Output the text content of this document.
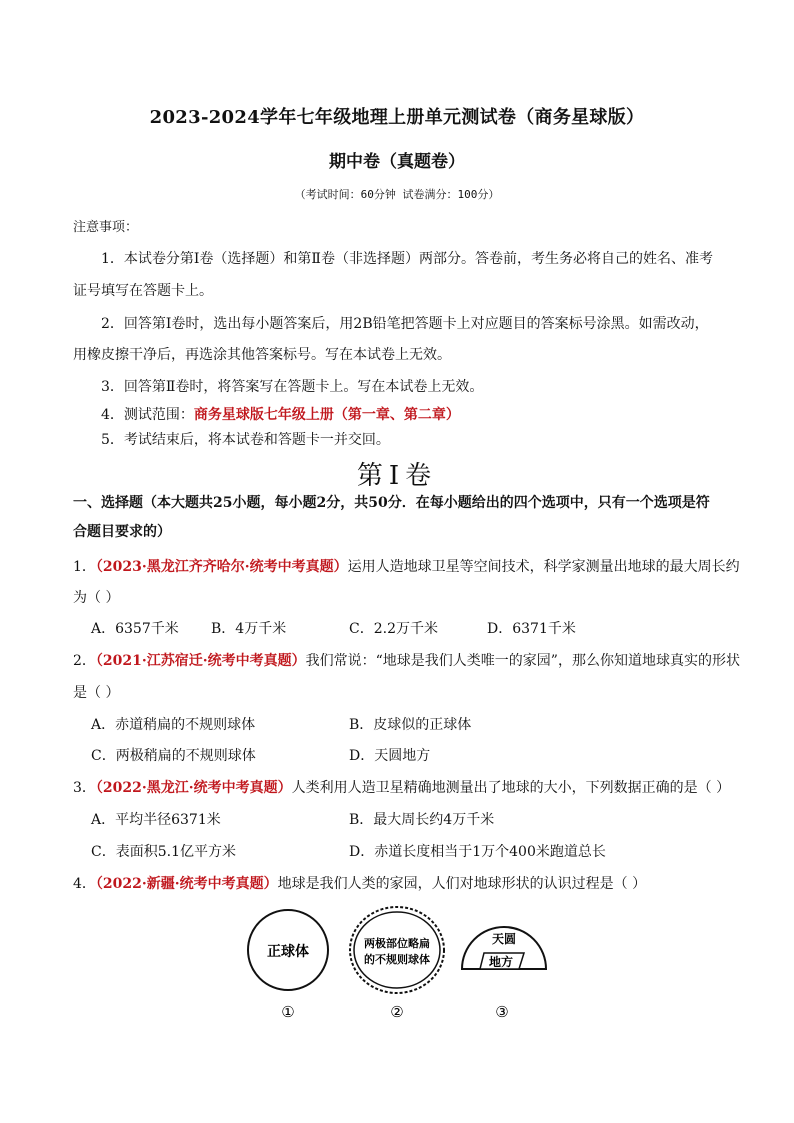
2023-2024学年七年级地理上册单元测试卷（商务星球版）
期中卷（真题卷）
（考试时间：60分钟 试卷满分：100分）
注意事项：
1．本试卷分第Ⅰ卷（选择题）和第Ⅱ卷（非选择题）两部分。答卷前，考生务必将自己的姓名、准考
证号填写在答题卡上。
2．回答第Ⅰ卷时，选出每小题答案后，用2B铅笔把答题卡上对应题目的答案标号涂黑。如需改动，
用橡皮擦干净后，再选涂其他答案标号。写在本试卷上无效。
3．回答第Ⅱ卷时，将答案写在答题卡上。写在本试卷上无效。
4．测试范围：商务星球版七年级上册（第一章、第二章）
5．考试结束后，将本试卷和答题卡一并交回。
第Ⅰ卷
一、选择题（本大题共25小题，每小题2分，共50分．在每小题给出的四个选项中，只有一个选项是符
合题目要求的）
1．（2023·黑龙江齐齐哈尔·统考中考真题）运用人造地球卫星等空间技术，科学家测量出地球的最大周长约
为（ ）
A．6357千米 B．4万千米	C．2.2万千米	D．6371千米
2．（2021·江苏宿迁·统考中考真题）我们常说：“地球是我们人类唯一的家园”，那么你知道地球真实的形状
是（ ）
A．赤道稍扁的不规则球体	B．皮球似的正球体
C．两极稍扁的不规则球体	D．天圆地方
3．（2022·黑龙江·统考中考真题）人类利用人造卫星精确地测量出了地球的大小，下列数据正确的是（ ）
A．平均半径6371米	B．最大周长约4万千米
C．表面积5.1亿平方米	D．赤道长度相当于1万个400米跑道总长
4．（2022·新疆·统考中考真题）地球是我们人类的家园，人们对地球形状的认识过程是（ ）
正球体
两极部位略扁
的不规则球体
天圆
地方
①	②	③
